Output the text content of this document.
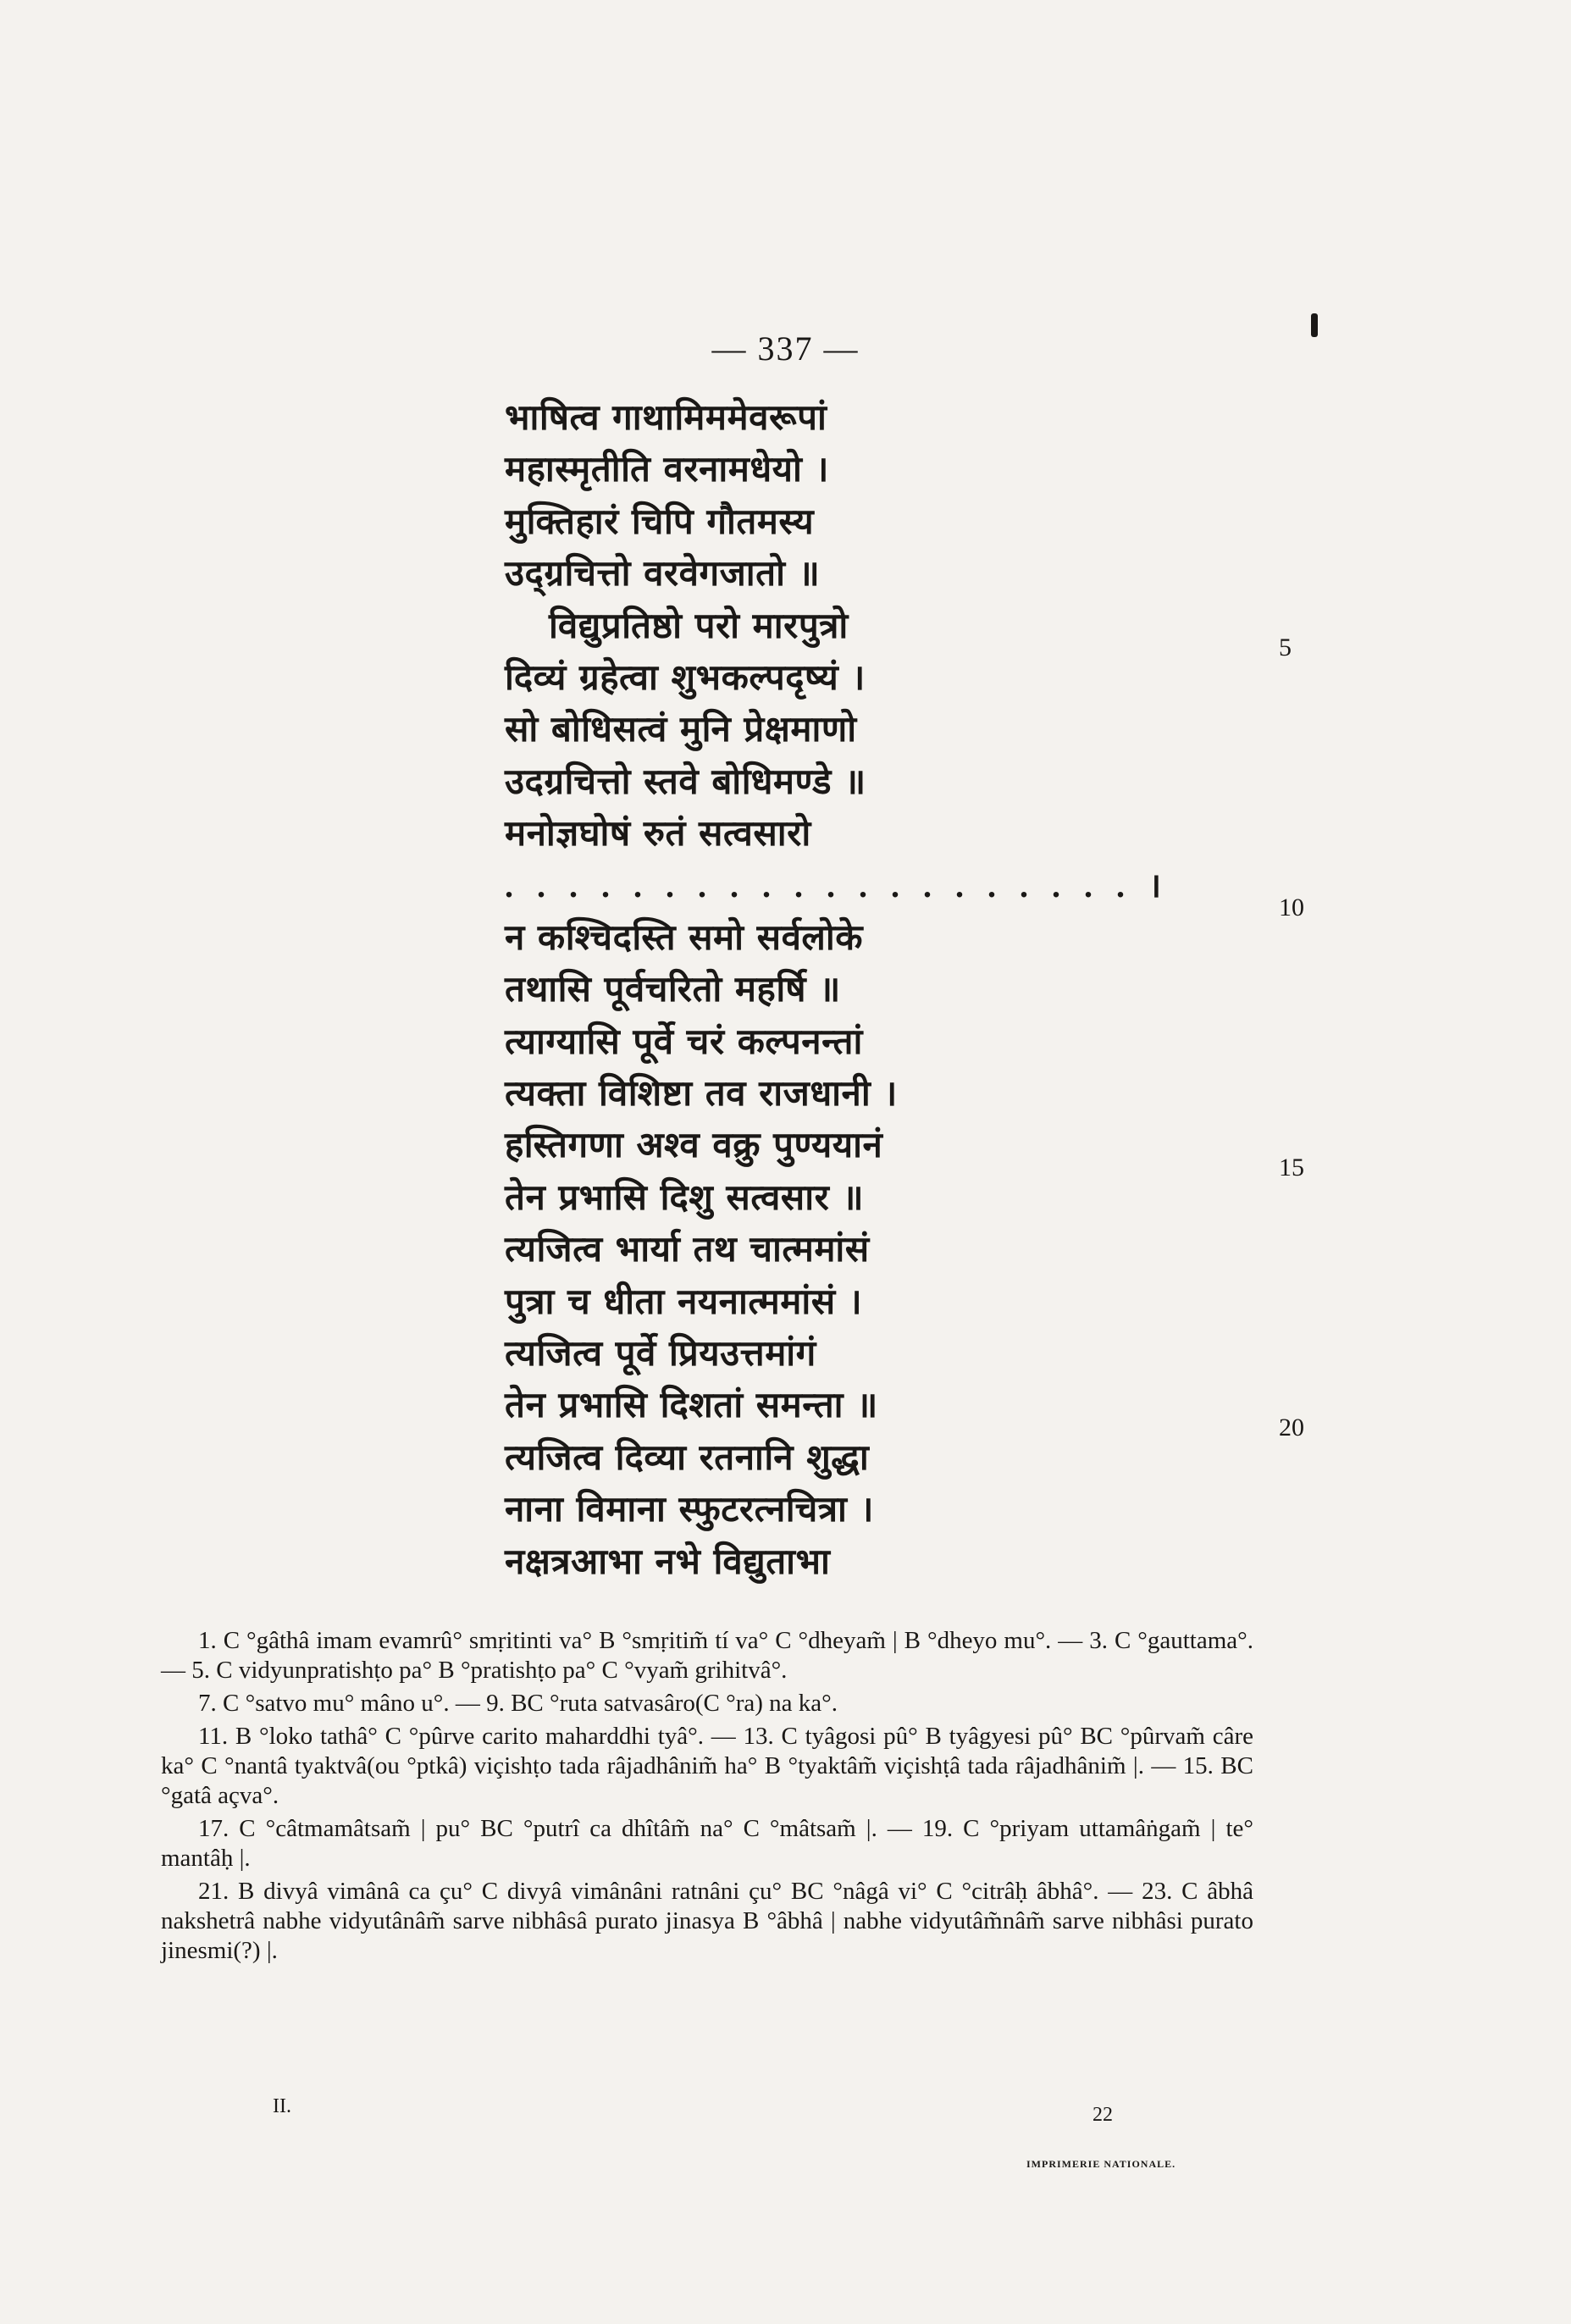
— 337 —
भाषित्व गाथामिममेवरूपां
महास्मृतीति वरनामधेयो ।
मुक्तिहारं चिपि गौतमस्य
उद्ग्रचित्तो वरवेगजातो ॥
विद्युप्रतिष्ठो परो मारपुत्रो
दिव्यं ग्रहेत्वा शुभकल्पदृष्यं ।
सो बोधिसत्वं मुनि प्रेक्षमाणो
उदग्रचित्तो स्तवे बोधिमण्डे ॥
मनोज्ञघोषं रुतं सत्वसारो
. . . . . . . . . . . . . . . . . . . . ।
न कश्चिदस्ति समो सर्वलोके
तथासि पूर्वचरितो महर्षि ॥
त्याग्यासि पूर्वे चरं कल्पनन्तां
त्यक्ता विशिष्टा तव राजधानी ।
हस्तिगणा अश्व वक्रु पुण्ययानं
तेन प्रभासि दिशु सत्वसार ॥
त्यजित्व भार्या तथ चात्ममांसं
पुत्रा च धीता नयनात्ममांसं ।
त्यजित्व पूर्वे प्रियउत्तमांगं
तेन प्रभासि दिशतां समन्ता ॥
त्यजित्व दिव्या रतनानि शुद्धा
नाना विमाना स्फुटरत्नचित्रा ।
नक्षत्रआभा नभे विद्युताभा
5
10
15
20

1. C °gâthâ imam evamrû° smṛitinti va° B °smṛitim̃ tí va° C °dheyam̃ | B °dheyo mu°. — 3. C °gauttama°. — 5. C vidyunpratishṭo pa° B °pratishṭo pa° C °vyam̃ grihitvâ°.

7. C °satvo mu° mâno u°. — 9. BC °ruta satvasâro(C °ra) na ka°.

11. B °loko tathâ° C °pûrve carito maharddhi tyâ°. — 13. C tyâgosi pû° B tyâgyesi pû° BC °pûrvam̃ câre ka° C °nantâ tyaktvâ(ou °ptkâ) viçishṭo tada râjadhânim̃ ha° B °tyaktâm̃ viçishṭâ tada râjadhânim̃ |. — 15. BC °gatâ açva°.

17. C °câtmamâtsam̃ | pu° BC °putrî ca dhîtâm̃ na° C °mâtsam̃ |. — 19. C °priyam uttamâṅgam̃ | te° mantâḥ |.

21. B divyâ vimânâ ca çu° C divyâ vimânâni ratnâni çu° BC °nâgâ vi° C °citrâḥ âbhâ°. — 23. C âbhâ nakshetrâ nabhe vidyutânâm̃ sarve nibhâsâ purato jinasya B °âbhâ | nabhe vidyutâm̃nâm̃ sarve nibhâsi purato jinesmi(?) |.

II.	22
IMPRIMERIE NATIONALE.
